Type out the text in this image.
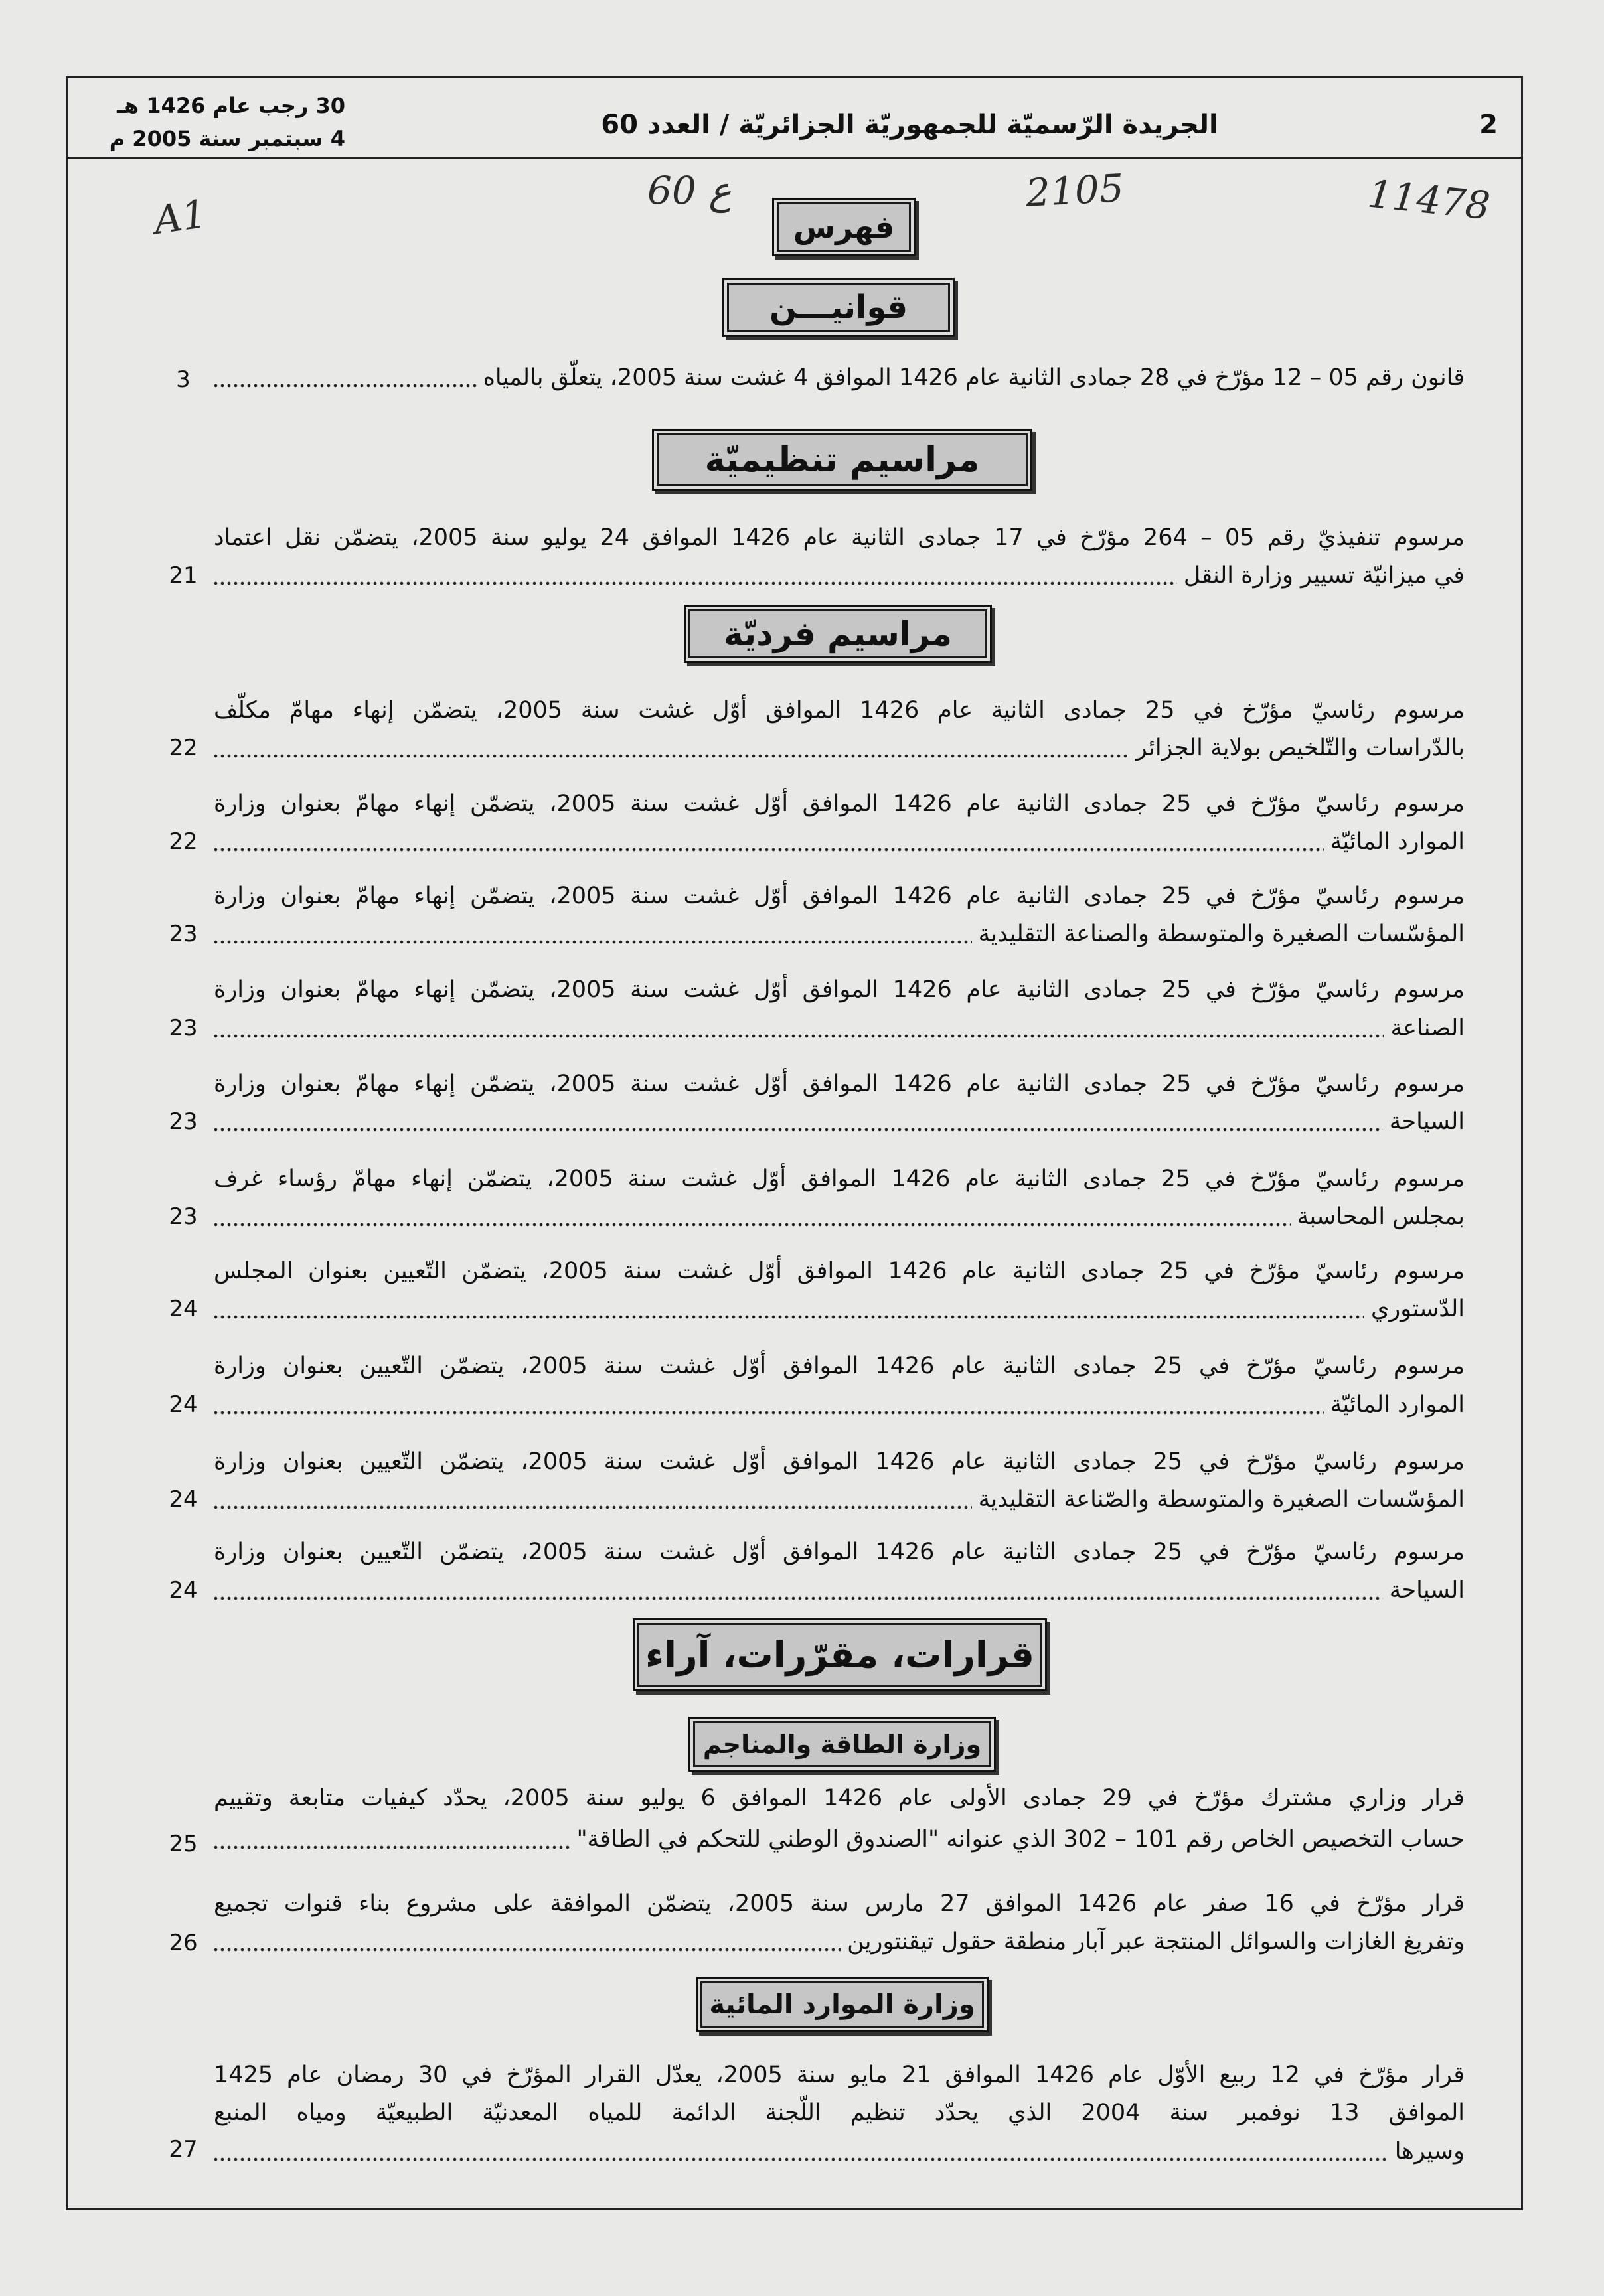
2
الجريدة الرّسميّة للجمهوريّة الجزائريّة / العدد 60
30 رجب عام 1426 هـ
4 سبتمبر سنة 2005 م
A1
ع 60	2105	11478
فهرس
قوانيـــن
قانون رقم 05 – 12 مؤرّخ في 28 جمادى الثانية عام 1426 الموافق 4 غشت سنة 2005، يتعلّق بالمياه
3
مراسيم تنظيميّة
مرسوم تنفيذيّ رقم 05 – 264 مؤرّخ في 17 جمادى الثانية عام 1426 الموافق 24 يوليو سنة 2005، يتضمّن نقل اعتماد
في ميزانيّة تسيير وزارة النقل
21
مراسيم فرديّة
مرسوم رئاسيّ مؤرّخ في 25 جمادى الثانية عام 1426 الموافق أوّل غشت سنة 2005، يتضمّن إنهاء مهامّ مكلّف
بالدّراسات والتّلخيص بولاية الجزائر
22
مرسوم رئاسيّ مؤرّخ في 25 جمادى الثانية عام 1426 الموافق أوّل غشت سنة 2005، يتضمّن إنهاء مهامّ بعنوان وزارة
الموارد المائيّة
22
مرسوم رئاسيّ مؤرّخ في 25 جمادى الثانية عام 1426 الموافق أوّل غشت سنة 2005، يتضمّن إنهاء مهامّ بعنوان وزارة
المؤسّسات الصغيرة والمتوسطة والصناعة التقليدية
23
مرسوم رئاسيّ مؤرّخ في 25 جمادى الثانية عام 1426 الموافق أوّل غشت سنة 2005، يتضمّن إنهاء مهامّ بعنوان وزارة
الصناعة
23
مرسوم رئاسيّ مؤرّخ في 25 جمادى الثانية عام 1426 الموافق أوّل غشت سنة 2005، يتضمّن إنهاء مهامّ بعنوان وزارة
السياحة
23
مرسوم رئاسيّ مؤرّخ في 25 جمادى الثانية عام 1426 الموافق أوّل غشت سنة 2005، يتضمّن إنهاء مهامّ رؤساء غرف
بمجلس المحاسبة
23
مرسوم رئاسيّ مؤرّخ في 25 جمادى الثانية عام 1426 الموافق أوّل غشت سنة 2005، يتضمّن التّعيين بعنوان المجلس
الدّستوري
24
مرسوم رئاسيّ مؤرّخ في 25 جمادى الثانية عام 1426 الموافق أوّل غشت سنة 2005، يتضمّن التّعيين بعنوان وزارة
الموارد المائيّة
24
مرسوم رئاسيّ مؤرّخ في 25 جمادى الثانية عام 1426 الموافق أوّل غشت سنة 2005، يتضمّن التّعيين بعنوان وزارة
المؤسّسات الصغيرة والمتوسطة والصّناعة التقليدية
24
مرسوم رئاسيّ مؤرّخ في 25 جمادى الثانية عام 1426 الموافق أوّل غشت سنة 2005، يتضمّن التّعيين بعنوان وزارة
السياحة
24
قرارات، مقرّرات، آراء
وزارة الطاقة والمناجم
قرار وزاري مشترك مؤرّخ في 29 جمادى الأولى عام 1426 الموافق 6 يوليو سنة 2005، يحدّد كيفيات متابعة وتقييم
حساب التخصيص الخاص رقم 101 – 302 الذي عنوانه "الصندوق الوطني للتحكم في الطاقة"
25
قرار مؤرّخ في 16 صفر عام 1426 الموافق 27 مارس سنة 2005، يتضمّن الموافقة على مشروع بناء قنوات تجميع
وتفريغ الغازات والسوائل المنتجة عبر آبار منطقة حقول تيقنتورين
26
وزارة الموارد المائية
قرار مؤرّخ في 12 ربيع الأوّل عام 1426 الموافق 21 مايو سنة 2005، يعدّل القرار المؤرّخ في 30 رمضان عام 1425
الموافق 13 نوفمبر سنة 2004 الذي يحدّد تنظيم اللّجنة الدائمة للمياه المعدنيّة الطبيعيّة ومياه المنبع
وسيرها
27
